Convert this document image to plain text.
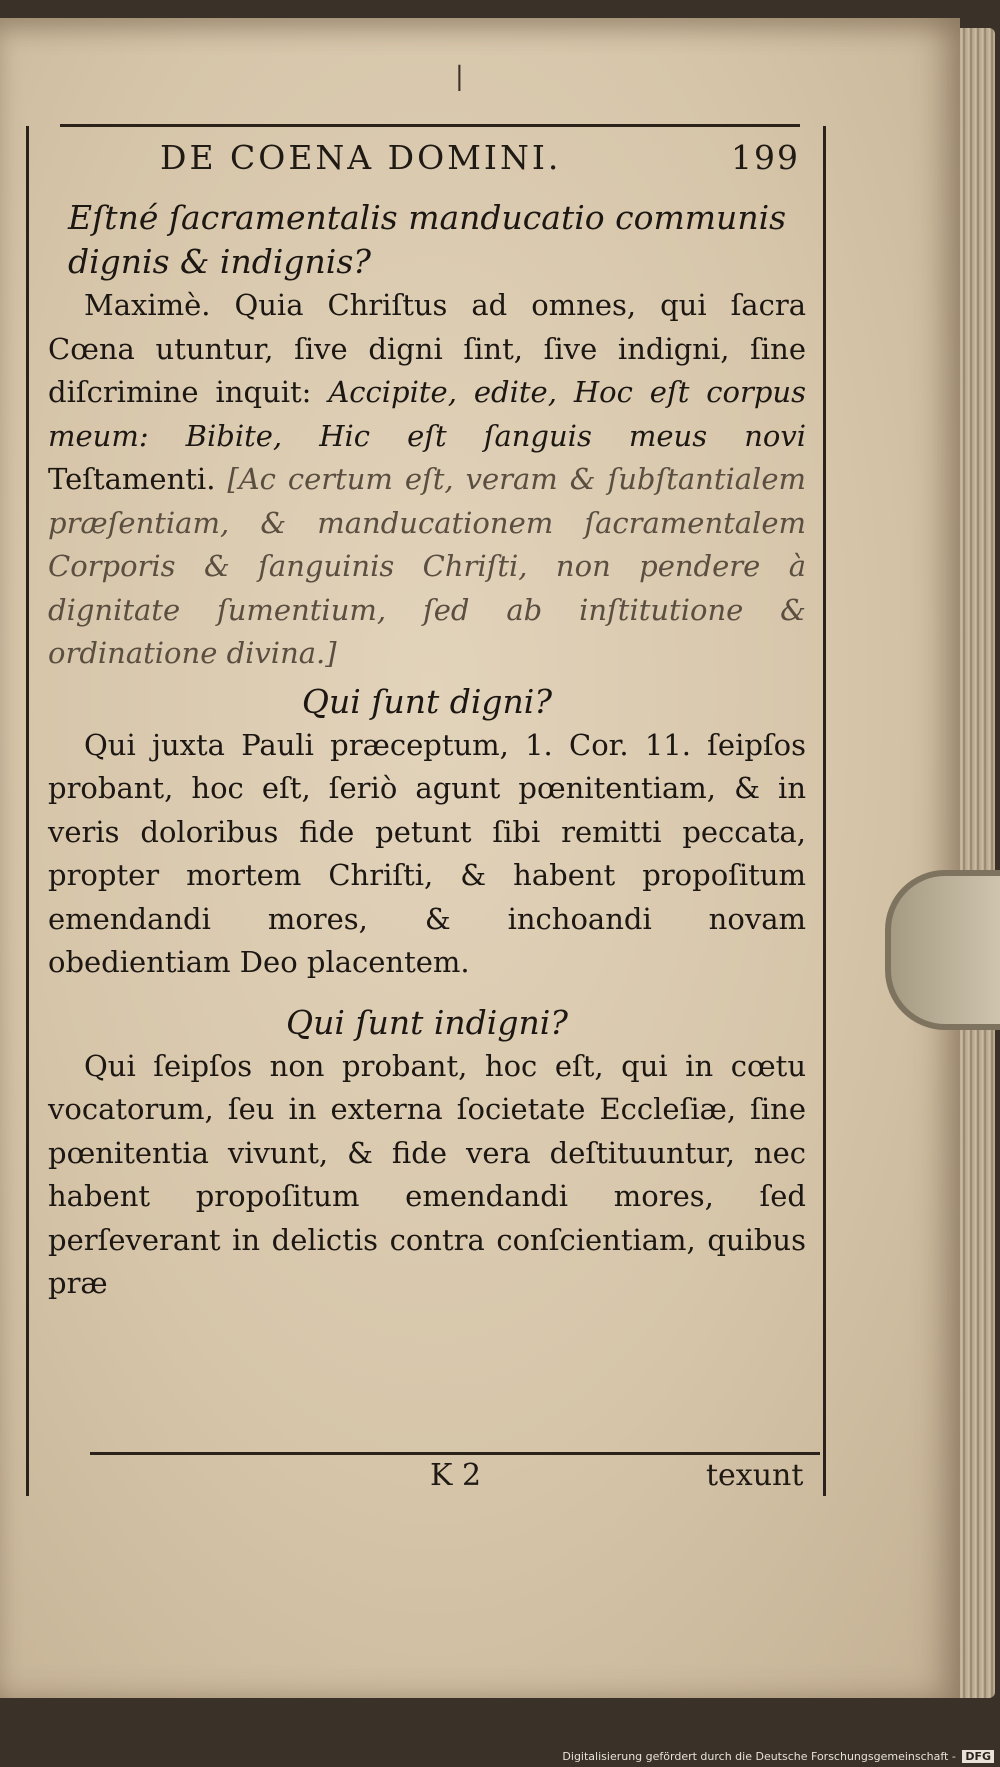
|
DE COENA DOMINI.	199
Eſtné ſacramentalis manducatio communis dignis & indignis?

Maximè. Quia Chriſtus ad omnes, qui ſacra Cœna utuntur, ſive digni ſint, ſive indigni, ſine diſcrimine inquit: Accipite, edite, Hoc eſt corpus meum: Bibite, Hic eſt ſanguis meus novi Teſtamenti. [Ac certum eſt, veram & ſubſtantialem præſentiam, & manducationem ſacramentalem Corporis & ſanguinis Chriſti, non pendere à dignitate ſumentium, ſed ab inſtitutione & ordinatione divina.]

Qui ſunt digni?

Qui juxta Pauli præceptum, 1. Cor. 11. ſeipſos probant, hoc eſt, ſeriò agunt pœnitentiam, & in veris doloribus fide petunt ſibi remitti peccata, propter mortem Chriſti, & habent propoſitum emendandi mores, & inchoandi novam obedientiam Deo placentem.

Qui ſunt indigni?

Qui ſeipſos non probant, hoc eſt, qui in cœtu vocatorum, ſeu in externa ſocietate Eccleſiæ, ſine pœnitentia vivunt, & fide vera deſtituuntur, nec habent propoſitum emendandi mores, ſed perſeverant in delictis contra conſcientiam, quibus præ

K 2	texunt
Digitalisierung gefördert durch die Deutsche Forschungsgemeinschaft - DFG
